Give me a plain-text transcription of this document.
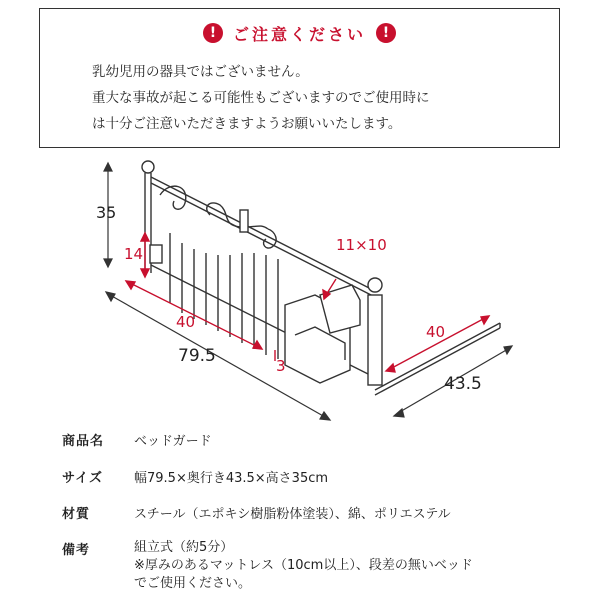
!	ご注意ください	!
乳幼児用の器具ではございません。
重大な事故が起こる可能性もございますのでご使用時に
は十分ご注意いただきますようお願いいたします。
35
14	11×10
40
40
3
79.5
43.5
商品名 ベッドガード
サイズ 幅79.5×奥行き43.5×高さ35cm
材質	スチール（エポキシ樹脂粉体塗装）、綿、ポリエステル
備考	組立式（約5分）
※厚みのあるマットレス（10cm以上）、段差の無いベッド
でご使用ください。
